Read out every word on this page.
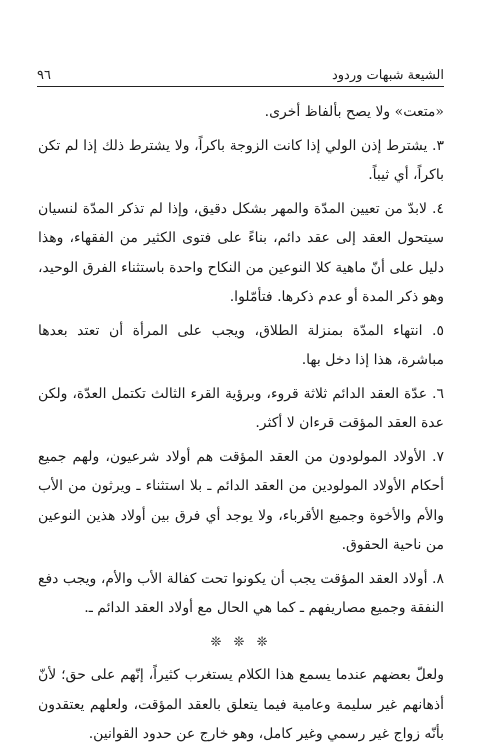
الشيعة شبهات وردود
٩٦

«متعت» ولا يصح بألفاظ أخرى.

٣. يشترط إذن الولي إذا كانت الزوجة باكراً، ولا يشترط ذلك إذا لم تكن باكراً، أي ثيباً.

٤. لابدّ من تعيين المدّة والمهر بشكل دقيق، وإذا لم تذكر المدّة لنسيان سيتحول العقد إلى عقد دائم، بناءً على فتوى الكثير من الفقهاء، وهذا دليل على أنّ ماهية كلا النوعين من النكاح واحدة باستثناء الفرق الوحيد، وهو ذكر المدة أو عدم ذكرها. فتأمّلوا.

٥. انتهاء المدّة بمنزلة الطلاق، ويجب على المرأة أن تعتد بعدها مباشرة، هذا إذا دخل بها.

٦. عدّة العقد الدائم ثلاثة قروء، وبرؤية القرء الثالث تكتمل العدّة، ولكن عدة العقد المؤقت قرءان لا أكثر.

٧. الأولاد المولودون من العقد المؤقت هم أولاد شرعيون، ولهم جميع أحكام الأولاد المولودين من العقد الدائم ـ بلا استثناء ـ ويرثون من الأب والأم والأخوة وجميع الأقرباء، ولا يوجد أي فرق بين أولاد هذين النوعين من ناحية الحقوق.

٨. أولاد العقد المؤقت يجب أن يكونوا تحت كفالة الأب والأم، ويجب دفع النفقة وجميع مصاريفهم ـ كما هي الحال مع أولاد العقد الدائم ـ.

❊ ❊ ❊

ولعلّ بعضهم عندما يسمع هذا الكلام يستغرب كثيراً، إنّهم على حق؛ لأنّ أذهانهم غير سليمة وعامية فيما يتعلق بالعقد المؤقت، ولعلهم يعتقدون بأنّه زواج غير رسمي وغير كامل، وهو خارج عن حدود القوانين.
